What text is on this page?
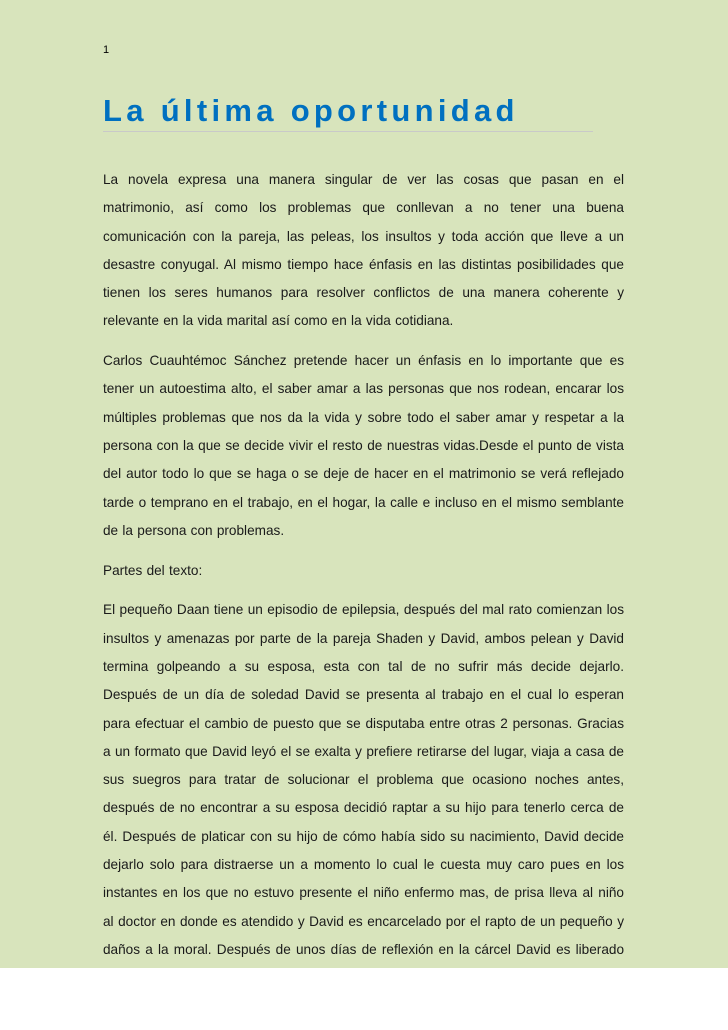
1
La última oportunidad

La novela expresa una manera singular de ver las cosas que pasan en el matrimonio, así como los problemas que conllevan a no tener una buena comunicación con la pareja, las peleas, los insultos y toda acción que lleve a un desastre conyugal. Al mismo tiempo hace énfasis en las distintas posibilidades que tienen los seres humanos para resolver conflictos de una manera coherente y relevante en la vida marital así como en la vida cotidiana.

Carlos Cuauhtémoc Sánchez pretende hacer un énfasis en lo importante que es tener un autoestima alto, el saber amar a las personas que nos rodean, encarar los múltiples problemas que nos da la vida y sobre todo el saber amar y respetar a la persona con la que se decide vivir el resto de nuestras vidas.Desde el punto de vista del autor todo lo que se haga o se deje de hacer en el matrimonio se verá reflejado tarde o temprano en el trabajo, en el hogar, la calle e incluso en el mismo semblante de la persona con problemas.

Partes del texto:

El pequeño Daan tiene un episodio de epilepsia, después del mal rato comienzan los insultos y amenazas por parte de la pareja Shaden y David, ambos pelean y David termina golpeando a su esposa, esta con tal de no sufrir más decide dejarlo. Después de un día de soledad David se presenta al trabajo en el cual lo esperan para efectuar el cambio de puesto que se disputaba entre otras 2 personas. Gracias a un formato que David leyó el se exalta y prefiere retirarse del lugar, viaja a casa de sus suegros para tratar de solucionar el problema que ocasiono noches antes, después de no encontrar a su esposa decidió raptar a su hijo para tenerlo cerca de él. Después de platicar con su hijo de cómo había sido su nacimiento, David decide dejarlo solo para distraerse un a momento lo cual le cuesta muy caro pues en los instantes en los que no estuvo presente el niño enfermo mas, de prisa lleva al niño al doctor en donde es atendido y David es encarcelado por el rapto de un pequeño y daños a la moral. Después de unos días de reflexión en la cárcel David es liberado
